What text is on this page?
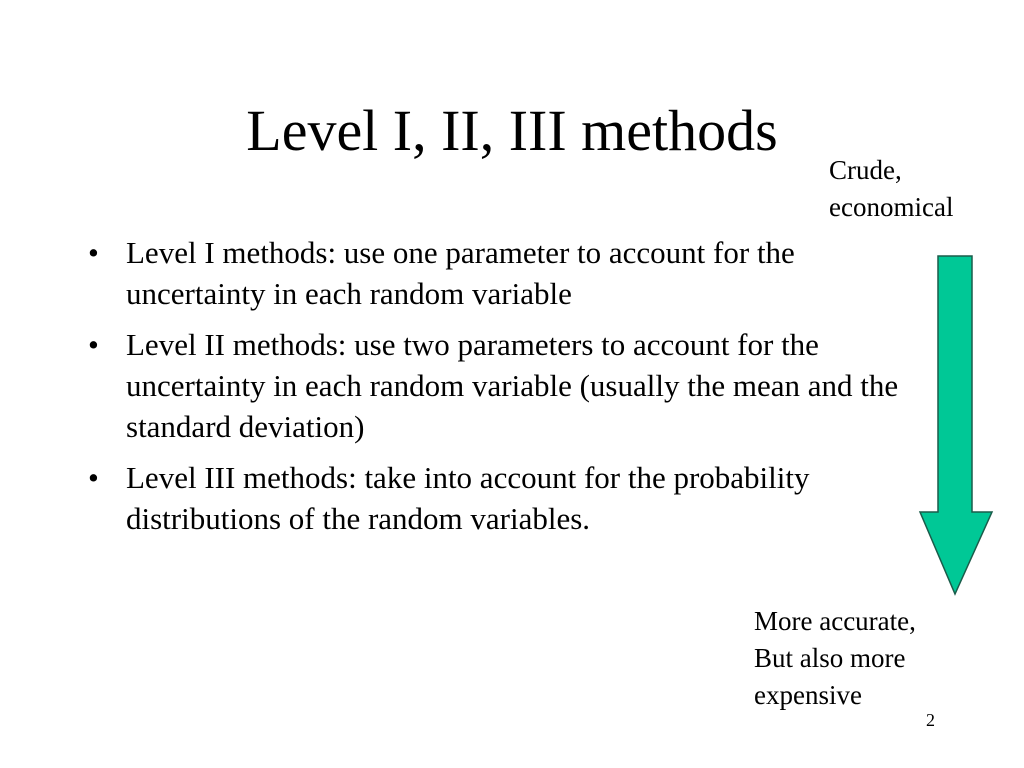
Level I, II, III methods
• Level I methods: use one parameter to account for the uncertainty in each random variable
• Level II methods: use two parameters to account for the uncertainty in each random variable (usually the mean and the standard deviation)
• Level III methods: take into account for the probability distributions of the random variables.
Crude,
economical
More accurate,
But also more
expensive
2
